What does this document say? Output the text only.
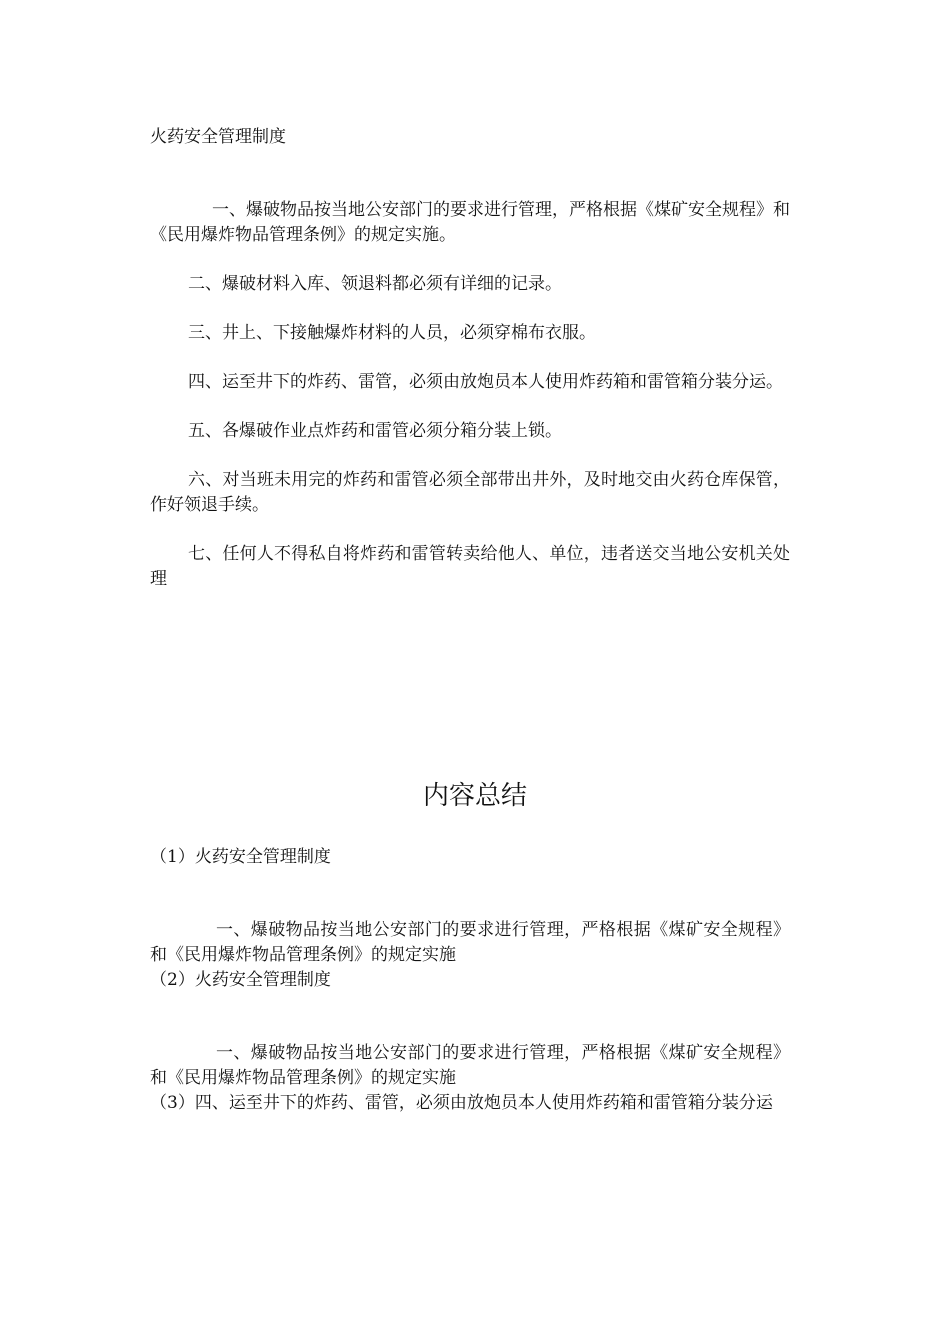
火药安全管理制度

一、爆破物品按当地公安部门的要求进行管理，严格根据《煤矿安全规程》和《民用爆炸物品管理条例》的规定实施。

二、爆破材料入库、领退料都必须有详细的记录。

三、井上、下接触爆炸材料的人员，必须穿棉布衣服。

四、运至井下的炸药、雷管，必须由放炮员本人使用炸药箱和雷管箱分装分运。

五、各爆破作业点炸药和雷管必须分箱分装上锁。

六、对当班未用完的炸药和雷管必须全部带出井外，及时地交由火药仓库保管，作好领退手续。

七、任何人不得私自将炸药和雷管转卖给他人、单位，违者送交当地公安机关处理

内容总结

（1）火药安全管理制度

一、爆破物品按当地公安部门的要求进行管理，严格根据《煤矿安全规程》和《民用爆炸物品管理条例》的规定实施

（2）火药安全管理制度

一、爆破物品按当地公安部门的要求进行管理，严格根据《煤矿安全规程》和《民用爆炸物品管理条例》的规定实施

（3）四、运至井下的炸药、雷管，必须由放炮员本人使用炸药箱和雷管箱分装分运
